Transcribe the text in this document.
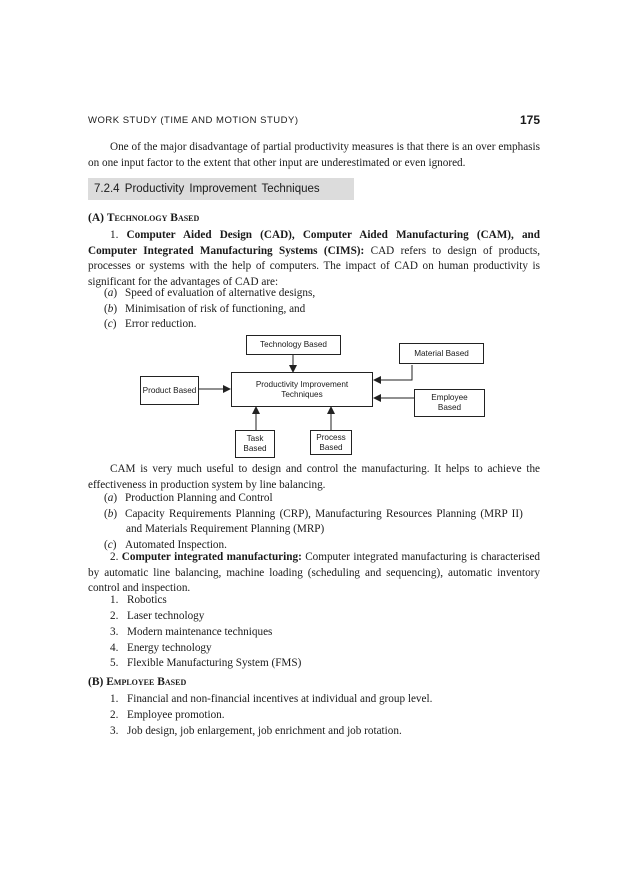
WORK STUDY (TIME AND MOTION STUDY)	175
One of the major disadvantage of partial productivity measures is that there is an over emphasis on one input factor to the extent that other input are underestimated or even ignored.
7.2.4 Productivity Improvement Techniques
(A) Technology Based
1. Computer Aided Design (CAD), Computer Aided Manufacturing (CAM), and Computer Integrated Manufacturing Systems (CIMS): CAD refers to design of products, processes or systems with the help of computers. The impact of CAD on human productivity is significant for the advantages of CAD are:
(a) Speed of evaluation of alternative designs,
(b) Minimisation of risk of functioning, and
(c) Error reduction.
Technology Based
Material Based
Product Based
Productivity Improvement Techniques	Employee Based
Task Based
Process Based
CAM is very much useful to design and control the manufacturing. It helps to achieve the effectiveness in production system by line balancing.
(a) Production Planning and Control
(b) Capacity Requirements Planning (CRP), Manufacturing Resources Planning (MRP II)
and Materials Requirement Planning (MRP)
(c) Automated Inspection.
2. Computer integrated manufacturing: Computer integrated manufacturing is characterised by automatic line balancing, machine loading (scheduling and sequencing), automatic inventory control and inspection.
1. Robotics
2. Laser technology
3. Modern maintenance techniques
4. Energy technology
5. Flexible Manufacturing System (FMS)
(B) Employee Based
1. Financial and non-financial incentives at individual and group level.
2. Employee promotion.
3. Job design, job enlargement, job enrichment and job rotation.
